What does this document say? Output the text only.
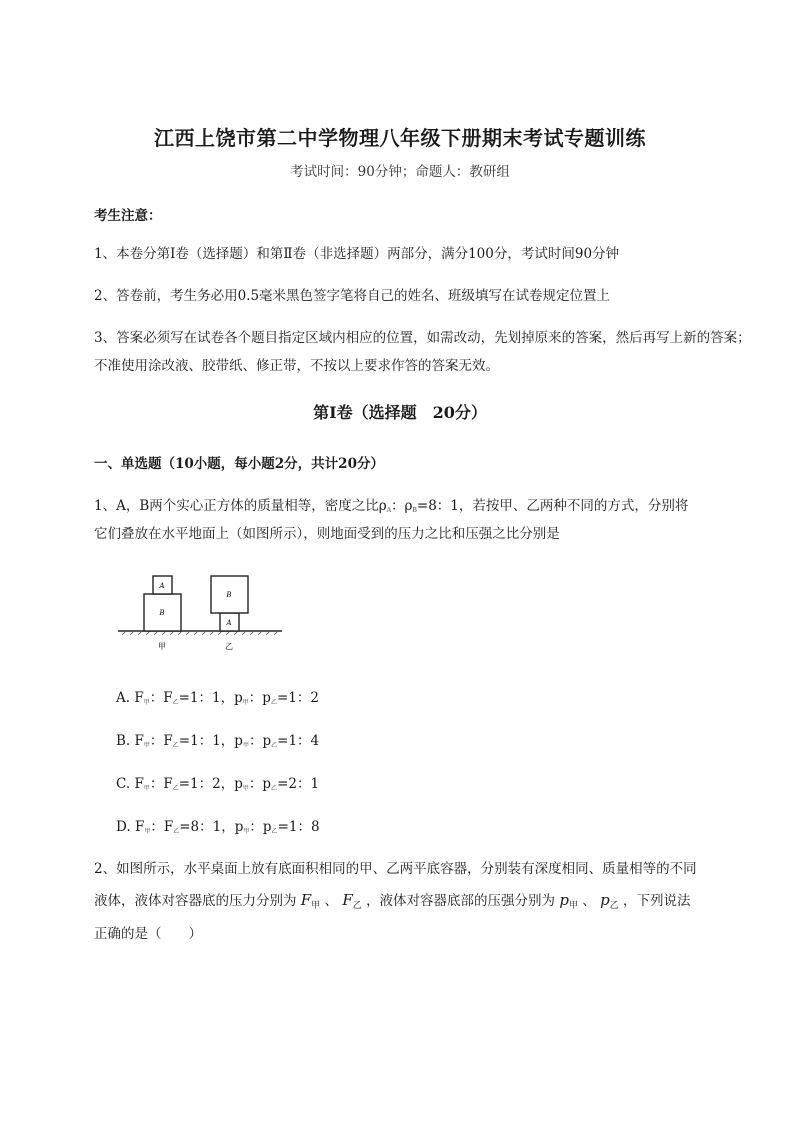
江西上饶市第二中学物理八年级下册期末考试专题训练
考试时间：90分钟；命题人：教研组
考生注意：
1、本卷分第I卷（选择题）和第Ⅱ卷（非选择题）两部分，满分100分，考试时间90分钟
2、答卷前，考生务必用0.5毫米黑色签字笔将自己的姓名、班级填写在试卷规定位置上
3、答案必须写在试卷各个题目指定区域内相应的位置，如需改动，先划掉原来的答案，然后再写上新的答案；不准使用涂改液、胶带纸、修正带，不按以上要求作答的答案无效。
第I卷（选择题　20分）
一、单选题（10小题，每小题2分，共计20分）
1、A，B两个实心正方体的质量相等，密度之比$\rho_A$：$\rho_B=8$：1，若按甲、乙两种不同的方式，分别将
它们叠放在水平地面上（如图所示），则地面受到的压力之比和压强之比分别是
B
A
A
B
甲	乙
A. $F_甲$：$F_乙=1$：1，$p_甲$：$p_乙=1$：2
B. $F_甲$：$F_乙=1$：1，$p_甲$：$p_乙=1$：4
C. $F_甲$：$F_乙=1$：2，$p_甲$：$p_乙=2$：1
D. $F_甲$：$F_乙=8$：1，$p_甲$：$p_乙=1$：8
2、如图所示，水平桌面上放有底面积相同的甲、乙两平底容器，分别装有深度相同、质量相等的不同
液体，液体对容器底的压力分别为 $F_甲$ 、 $F_乙$ ，液体对容器底部的压强分别为 $p_甲$ 、 $p_乙$ ，下列说法
正确的是（　　）
